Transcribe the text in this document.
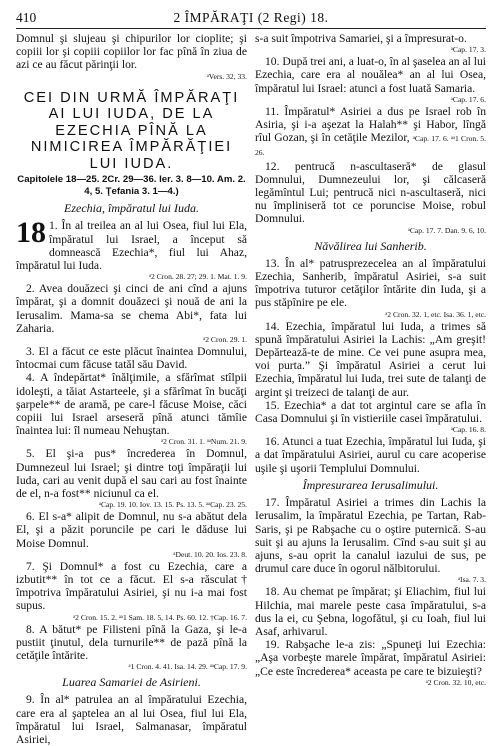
410	2 ÎMPĂRAŢI (2 Regi) 18.

Domnul şi slujeau şi chipurilor lor cioplite; şi copiii lor şi copiii copiilor lor fac pînă în ziua de azi ce au făcut părinţii lor.

ᵃVers. 32, 33.

CEI DIN URMĂ ÎMPĂRAŢI AI LUI IUDA, DE LA EZECHIA PÎNĂ LA NIMICIREA ÎMPĂRĂŢIEI LUI IUDA.
Capitolele 18—25. 2Cr. 29—36. Ier. 3. 8—10. Am. 2. 4, 5. Ţefania 3. 1—4.)
Ezechia, împăratul lui Iuda.

18 1. În al treilea an al lui Osea, fiul lui Ela, împăratul lui Israel, a început să domnească Ezechia*, fiul lui Ahaz, împăratul lui Iuda.

ᵃ2 Cron. 28. 27; 29. 1. Mat. 1. 9.

2. Avea douăzeci şi cinci de ani cînd a ajuns împărat, şi a domnit douăzeci şi nouă de ani la Ierusalim. Mama-sa se chema Abi*, fata lui Zaharia.

ᵃ2 Cron. 29. 1.

3. El a făcut ce este plăcut înaintea Domnului, întocmai cum făcuse tatăl său David.

4. A îndepărtat* înălţimile, a sfărîmat stîlpii idoleşti, a tăiat Astarteele, şi a sfărîmat în bucăţi şarpele** de aramă, pe care-l făcuse Moise, căci copiii lui Israel arseseră pînă atunci tămîie înaintea lui: îl numeau Nehuştan.

ᵃ2 Cron. 31. 1. ᵃᵃNum. 21. 9.

5. El şi-a pus* încrederea în Domnul, Dumnezeul lui Israel; şi dintre toţi împăraţii lui Iuda, cari au venit după el sau cari au fost înainte de el, n-a fost** niciunul ca el.

ᵃCap. 19. 10. Iov. 13. 15. Ps. 13. 5. ᵃᵃCap. 23. 25.

6. El s-a* alipit de Domnul, nu s-a abătut dela El, şi a păzit poruncile pe cari le dăduse lui Moise Domnul.

ᵃDeut. 10. 20. Ios. 23. 8.

7. Şi Domnul* a fost cu Ezechia, care a izbutit** în tot ce a făcut. El s-a răsculat† împotriva împăratului Asiriei, şi nu i-a mai fost supus.

ᵃ2 Cron. 15. 2. ᵃᵃ1 Sam. 18. 5, 14. Ps. 60. 12. †Cap. 16. 7.

8. A bătut* pe Filisteni pînă la Gaza, şi le-a pustiit ţinutul, dela turnurile** de pază pînă la cetăţile întărite.

ᵃ1 Cron. 4. 41. Isa. 14. 29. ᵃᵃCap. 17. 9.

Luarea Samariei de Asirieni.

9. În al* patrulea an al împăratului Ezechia, care era al şaptelea an al lui Osea, fiul lui Ela, împăratul lui Israel, Salmanasar, împăratul Asiriei,

s-a suit împotriva Samariei, şi a împresurat-o.

ᵃCap. 17. 3.

10. După trei ani, a luat-o, în al şaselea an al lui Ezechia, care era al nouălea* an al lui Osea, împăratul lui Israel: atunci a fost luată Samaria.

ᵃCap. 17. 6.

11. Împăratul* Asiriei a dus pe Israel rob în Asiria, şi i-a aşezat la Halah** şi Habor, lîngă rîul Gozan, şi în cetăţile Mezilor, ᵃCap. 17. 6. ᵃᵃ1 Cron. 5. 26.

12. pentrucă n-ascultaseră* de glasul Domnului, Dumnezeului lor, şi călcaseră legămîntul Lui; pentrucă nici n-ascultaseră, nici nu împliniseră tot ce poruncise Moise, robul Domnului.

ᵃCap. 17. 7. Dan. 9. 6, 10.

Năvălirea lui Sanherib.

13. În al* patrusprezecelea an al împăratului Ezechia, Sanherib, împăratul Asiriei, s-a suit împotriva tuturor cetăţilor întărite din Iuda, şi a pus stăpînire pe ele.

ᵃ2 Cron. 32. 1, etc. Isa. 36. 1, etc.

14. Ezechia, împăratul lui Iuda, a trimes să spună împăratului Asiriei la Lachis: „Am greşit! Depărtează-te de mine. Ce vei pune asupra mea, voi purta.” Şi împăratul Asiriei a cerut lui Ezechia, împăratul lui Iuda, trei sute de talanţi de argint şi treizeci de talanţi de aur.

15. Ezechia* a dat tot argintul care se afla în Casa Domnului şi în vistieriile casei împăratului.

ᵃCap. 16. 8.

16. Atunci a tuat Ezechia, împăratul lui Iuda, şi a dat împăratului Asiriei, aurul cu care acoperise uşile şi uşorii Templului Domnului.

Împresurarea Ierusalimului.

17. Împăratul Asiriei a trimes din Lachis la Ierusalim, la împăratul Ezechia, pe Tartan, Rab-Saris, şi pe Rabşache cu o oştire puternică. S-au suit şi au ajuns la Ierusalim. Cînd s-au suit şi au ajuns, s-au oprit la canalul iazului de sus, pe drumul care duce în ogorul nălbitorului.

ᵃIsa. 7. 3.

18. Au chemat pe împărat; şi Eliachim, fiul lui Hilchia, mai marele peste casa împăratului, s-a dus la ei, cu Şebna, logofătul, şi cu Ioah, fiul lui Asaf, arhivarul.

19. Rabşache le-a zis: „Spuneţi lui Ezechia: „Aşa vorbeşte marele împărat, împăratul Asiriei: „Ce este încrederea* aceasta pe care te bizuieşti?

ᵃ2 Cron. 32. 10, etc.
